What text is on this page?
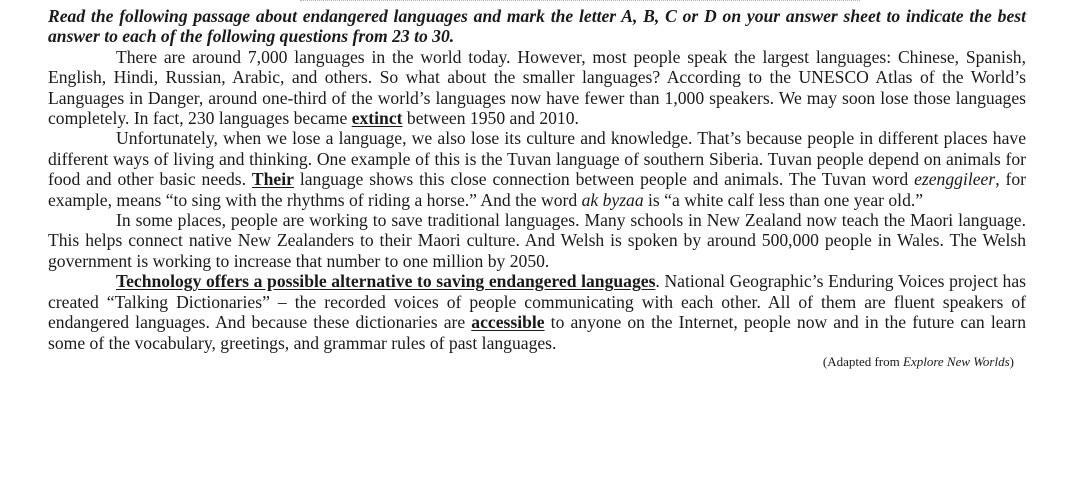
Read the following passage about endangered languages and mark the letter A, B, C or D on your answer sheet to indicate the best answer to each of the following questions from 23 to 30.

There are around 7,000 languages in the world today. However, most people speak the largest languages: Chinese, Spanish, English, Hindi, Russian, Arabic, and others. So what about the smaller languages? According to the UNESCO Atlas of the World’s Languages in Danger, around one-third of the world’s languages now have fewer than 1,000 speakers. We may soon lose those languages completely. In fact, 230 languages became extinct between 1950 and 2010.

Unfortunately, when we lose a language, we also lose its culture and knowledge. That’s because people in different places have different ways of living and thinking. One example of this is the Tuvan language of southern Siberia. Tuvan people depend on animals for food and other basic needs. Their language shows this close connection between people and animals. The Tuvan word ezenggileer, for example, means “to sing with the rhythms of riding a horse.” And the word ak byzaa is “a white calf less than one year old.”

In some places, people are working to save traditional languages. Many schools in New Zealand now teach the Maori language. This helps connect native New Zealanders to their Maori culture. And Welsh is spoken by around 500,000 people in Wales. The Welsh government is working to increase that number to one million by 2050.

Technology offers a possible alternative to saving endangered languages. National Geographic’s Enduring Voices project has created “Talking Dictionaries” – the recorded voices of people communicating with each other. All of them are fluent speakers of endangered languages. And because these dictionaries are accessible to anyone on the Internet, people now and in the future can learn some of the vocabulary, greetings, and grammar rules of past languages.

(Adapted from Explore New Worlds)
